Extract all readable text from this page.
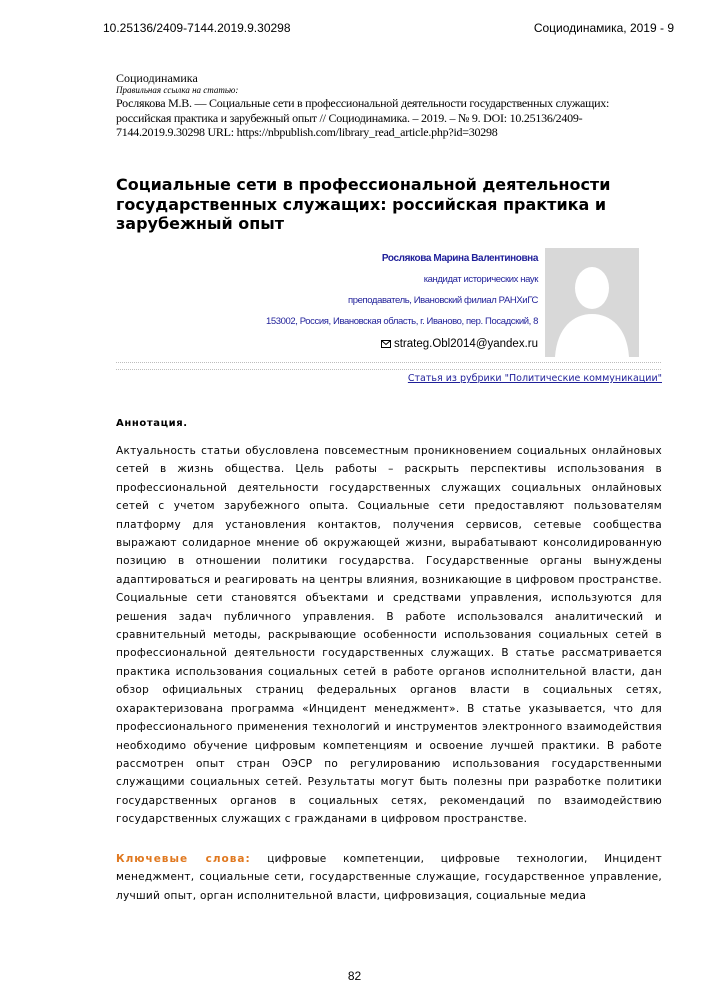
10.25136/2409-7144.2019.9.30298	Социодинамика, 2019 - 9
Социодинамика
Правильная ссылка на статью:
Рослякова М.В. — Социальные сети в профессиональной деятельности государственных служащих: российская практика и зарубежный опыт // Социодинамика. – 2019. – № 9. DOI: 10.25136/2409-7144.2019.9.30298 URL: https://nbpublish.com/library_read_article.php?id=30298
Социальные сети в профессиональной деятельности государственных служащих: российская практика и зарубежный опыт
Рослякова Марина Валентиновна
кандидат исторических наук
преподаватель, Ивановский филиал РАНХиГС
153002, Россия, Ивановская область, г. Иваново, пер. Посадский, 8
strateg.Obl2014@yandex.ru
Статья из рубрики "Политические коммуникации"
Аннотация.

Актуальность статьи обусловлена повсеместным проникновением социальных онлайновых сетей в жизнь общества. Цель работы – раскрыть перспективы использования в профессиональной деятельности государственных служащих социальных онлайновых сетей с учетом зарубежного опыта. Социальные сети предоставляют пользователям платформу для установления контактов, получения сервисов, сетевые сообщества выражают солидарное мнение об окружающей жизни, вырабатывают консолидированную позицию в отношении политики государства. Государственные органы вынуждены адаптироваться и реагировать на центры влияния, возникающие в цифровом пространстве. Социальные сети становятся объектами и средствами управления, используются для решения задач публичного управления. В работе использовался аналитический и сравнительный методы, раскрывающие особенности использования социальных сетей в профессиональной деятельности государственных служащих. В статье рассматривается практика использования социальных сетей в работе органов исполнительной власти, дан обзор официальных страниц федеральных органов власти в социальных сетях, охарактеризована программа «Инцидент менеджмент». В статье указывается, что для профессионального применения технологий и инструментов электронного взаимодействия необходимо обучение цифровым компетенциям и освоение лучшей практики. В работе рассмотрен опыт стран ОЭСР по регулированию использования государственными служащими социальных сетей. Результаты могут быть полезны при разработке политики государственных органов в социальных сетях, рекомендаций по взаимодействию государственных служащих с гражданами в цифровом пространстве.

Ключевые слова: цифровые компетенции, цифровые технологии, Инцидент менеджмент, социальные сети, государственные служащие, государственное управление, лучший опыт, орган исполнительной власти, цифровизация, социальные медиа

82
